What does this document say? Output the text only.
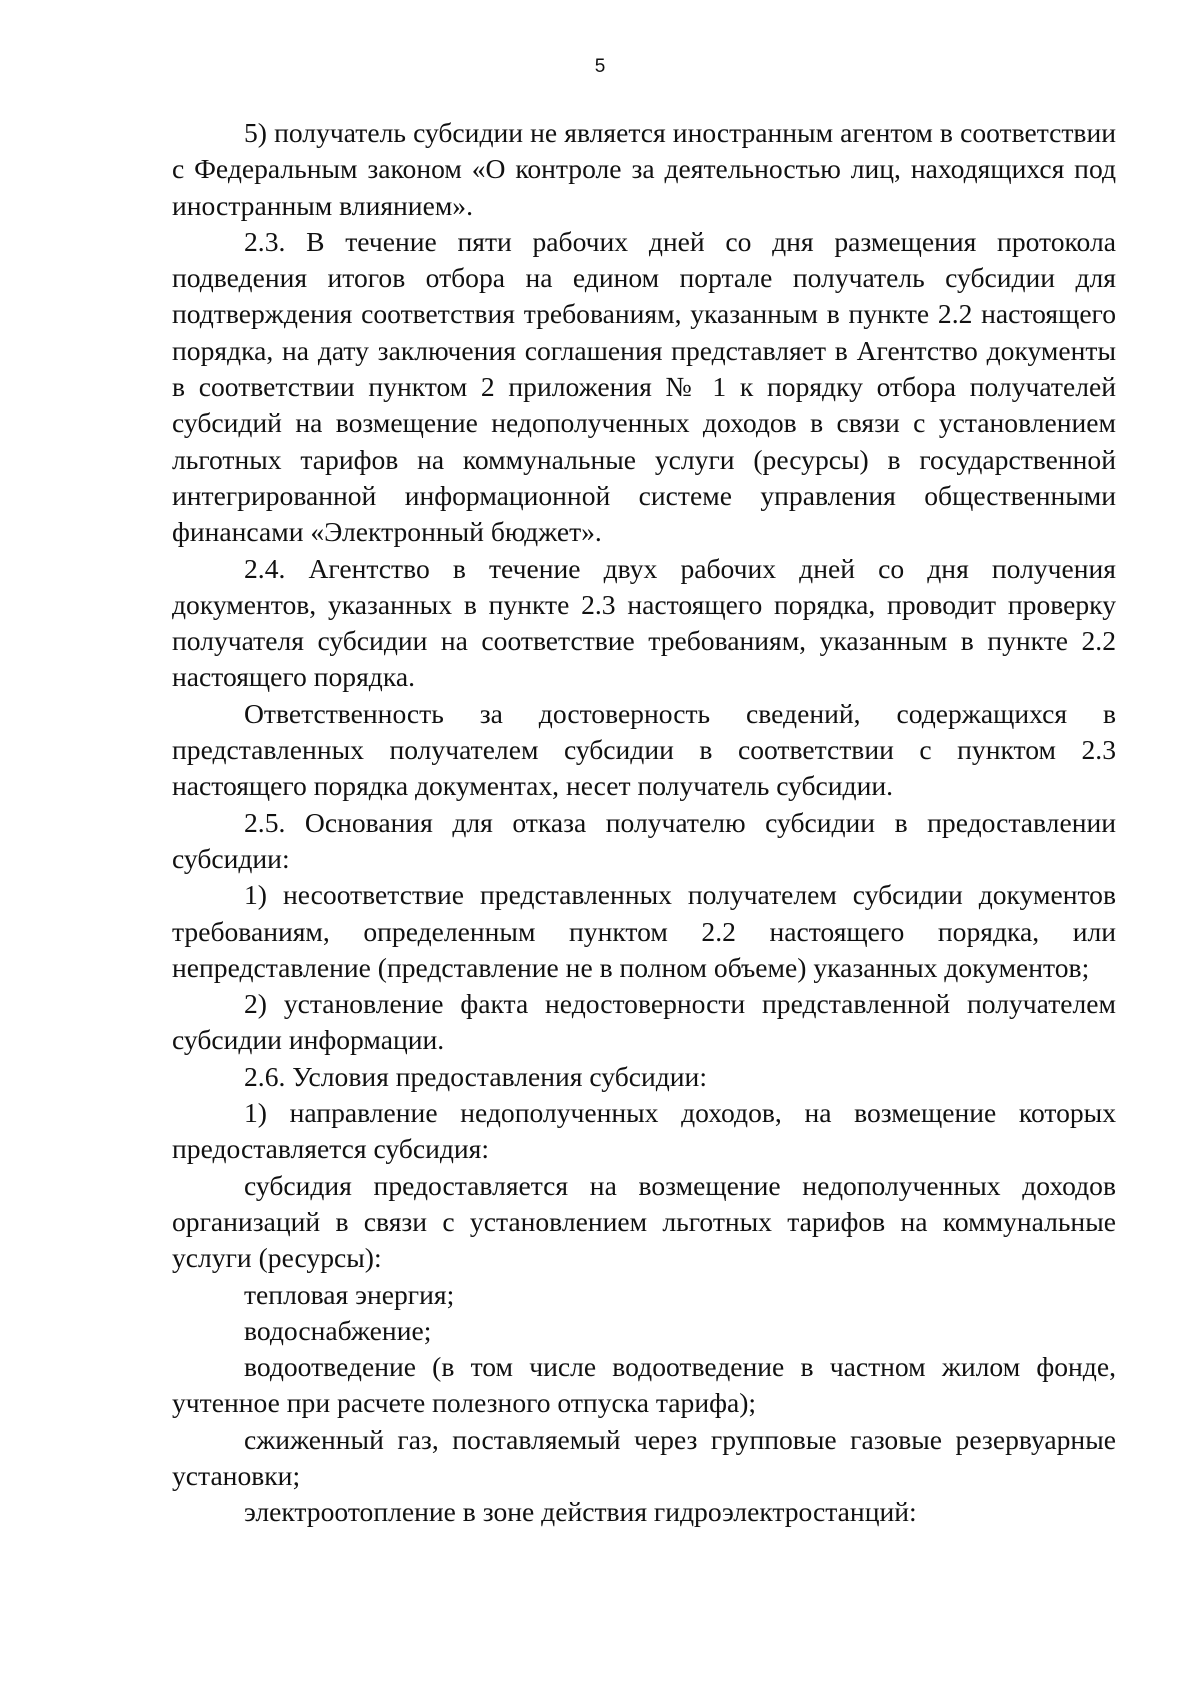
5

5) получатель субсидии не является иностранным агентом в соответствии с Федеральным законом «О контроле за деятельностью лиц, находящихся под иностранным влиянием».

2.3. В течение пяти рабочих дней со дня размещения протокола подведения итогов отбора на едином портале получатель субсидии для подтверждения соответствия требованиям, указанным в пункте 2.2 настоящего порядка, на дату заключения соглашения представляет в Агентство документы в соответствии пунктом 2 приложения № 1 к порядку отбора получателей субсидий на возмещение недополученных доходов в связи с установлением льготных тарифов на коммунальные услуги (ресурсы) в государственной интегрированной информационной системе управления общественными финансами «Электронный бюджет».

2.4. Агентство в течение двух рабочих дней со дня получения документов, указанных в пункте 2.3 настоящего порядка, проводит проверку получателя субсидии на соответствие требованиям, указанным в пункте 2.2 настоящего порядка.

Ответственность за достоверность сведений, содержащихся в представленных получателем субсидии в соответствии с пунктом 2.3 настоящего порядка документах, несет получатель субсидии.

2.5. Основания для отказа получателю субсидии в предоставлении субсидии:

1) несоответствие представленных получателем субсидии документов требованиям, определенным пунктом 2.2 настоящего порядка, или непредставление (представление не в полном объеме) указанных документов;

2) установление факта недостоверности представленной получателем субсидии информации.

2.6. Условия предоставления субсидии:

1) направление недополученных доходов, на возмещение которых предоставляется субсидия:

субсидия предоставляется на возмещение недополученных доходов организаций в связи с установлением льготных тарифов на коммунальные услуги (ресурсы):

тепловая энергия;

водоснабжение;

водоотведение (в том числе водоотведение в частном жилом фонде, учтенное при расчете полезного отпуска тарифа);

сжиженный газ, поставляемый через групповые газовые резервуарные установки;

электроотопление в зоне действия гидроэлектростанций:
